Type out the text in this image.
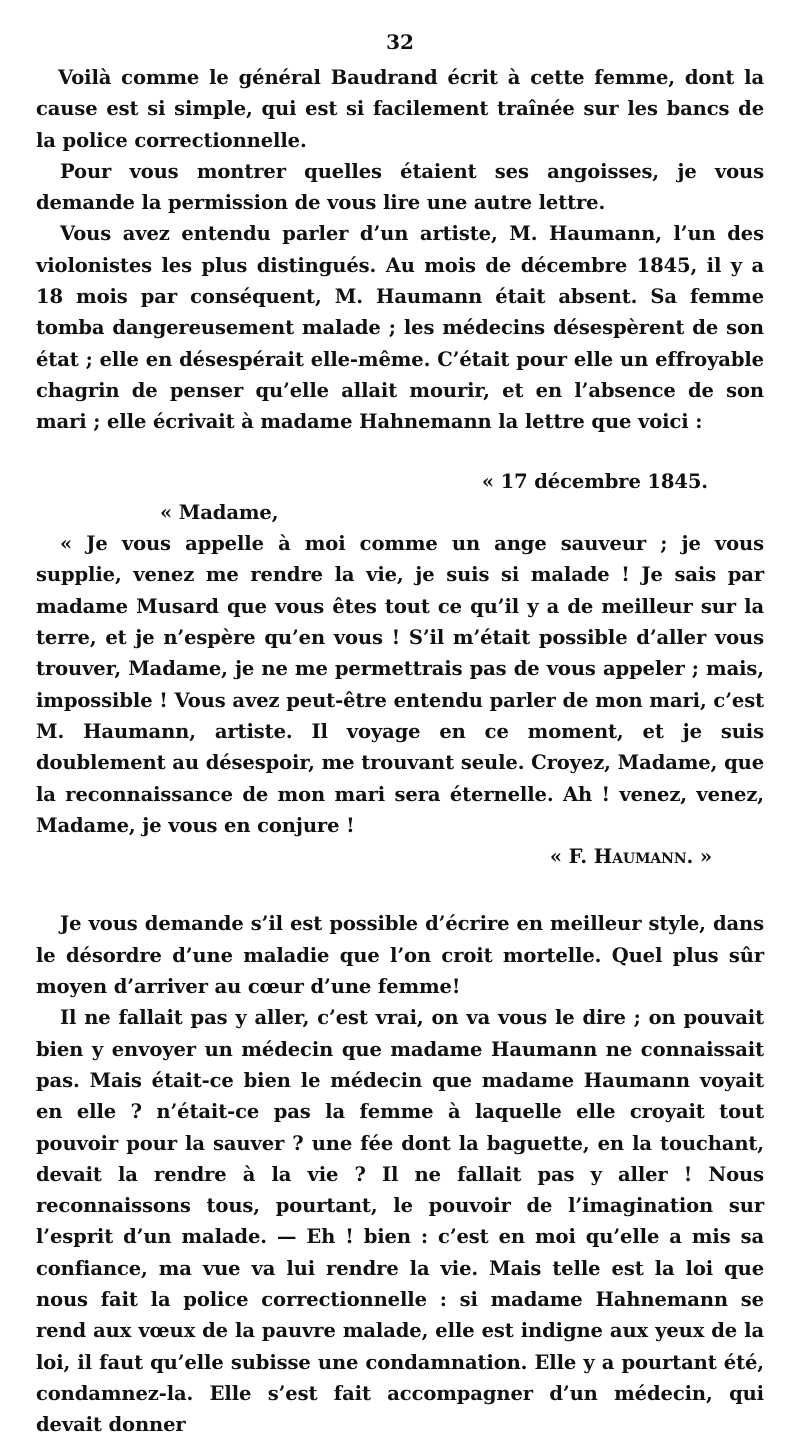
32

Voilà comme le général Baudrand écrit à cette femme, dont la cause est si simple, qui est si facilement traînée sur les bancs de la police correctionnelle.

Pour vous montrer quelles étaient ses angoisses, je vous demande la permission de vous lire une autre lettre.

Vous avez entendu parler d’un artiste, M. Haumann, l’un des violonistes les plus distingués. Au mois de décembre 1845, il y a 18 mois par conséquent, M. Haumann était absent. Sa femme tomba dangereusement malade ; les médecins désespèrent de son état ; elle en désespérait elle-même. C’était pour elle un effroyable chagrin de penser qu’elle allait mourir, et en l’absence de son mari ; elle écrivait à madame Hahnemann la lettre que voici :

« 17 décembre 1845.

« Madame,

« Je vous appelle à moi comme un ange sauveur ; je vous supplie, venez me rendre la vie, je suis si malade ! Je sais par madame Musard que vous êtes tout ce qu’il y a de meilleur sur la terre, et je n’espère qu’en vous ! S’il m’était possible d’aller vous trouver, Madame, je ne me permettrais pas de vous appeler ; mais, impossible ! Vous avez peut-être entendu parler de mon mari, c’est M. Haumann, artiste. Il voyage en ce moment, et je suis doublement au désespoir, me trouvant seule. Croyez, Madame, que la reconnaissance de mon mari sera éternelle. Ah ! venez, venez, Madame, je vous en conjure !

« F. Haumann. »

Je vous demande s’il est possible d’écrire en meilleur style, dans le désordre d’une maladie que l’on croit mortelle. Quel plus sûr moyen d’arriver au cœur d’une femme!

Il ne fallait pas y aller, c’est vrai, on va vous le dire ; on pouvait bien y envoyer un médecin que madame Haumann ne connaissait pas. Mais était-ce bien le médecin que madame Haumann voyait en elle ? n’était-ce pas la femme à laquelle elle croyait tout pouvoir pour la sauver ? une fée dont la baguette, en la touchant, devait la rendre à la vie ? Il ne fallait pas y aller ! Nous reconnaissons tous, pourtant, le pouvoir de l’imagination sur l’esprit d’un malade. — Eh ! bien : c’est en moi qu’elle a mis sa confiance, ma vue va lui rendre la vie. Mais telle est la loi que nous fait la police correctionnelle : si madame Hahnemann se rend aux vœux de la pauvre malade, elle est indigne aux yeux de la loi, il faut qu’elle subisse une condamnation. Elle y a pourtant été, condamnez-la. Elle s’est fait accompagner d’un médecin, qui devait donner
